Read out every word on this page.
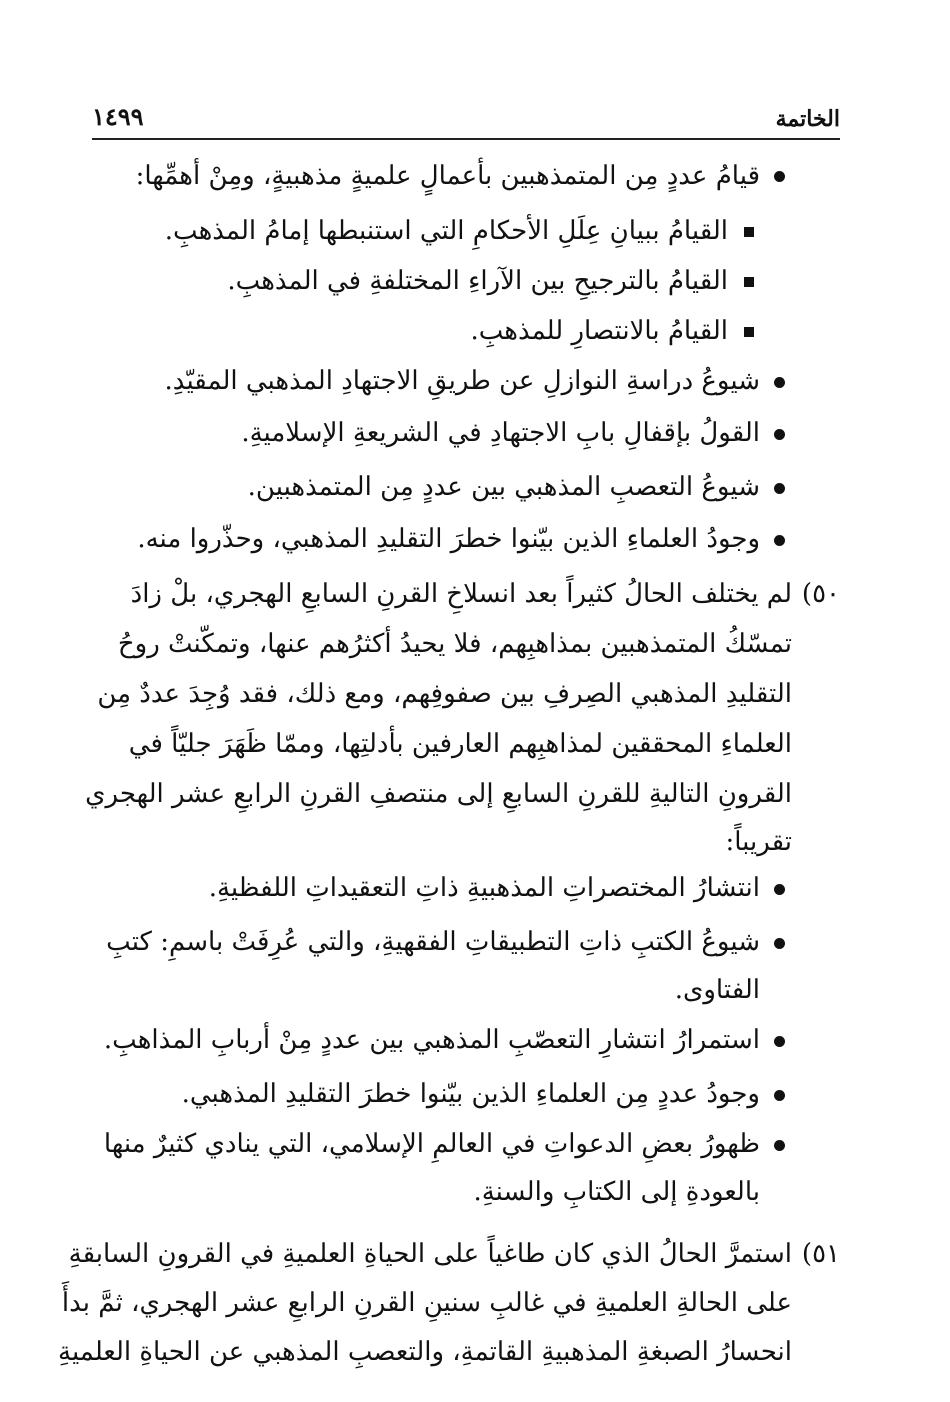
الخاتمة
١٤٩٩
قيامُ عددٍ مِن المتمذهبين بأعمالٍ علميةٍ مذهبيةٍ، ومِنْ أهمِّها:
القيامُ ببيانِ عِلَلِ الأحكامِ التي استنبطها إمامُ المذهبِ.
القيامُ بالترجيحِ بين الآراءِ المختلفةِ في المذهبِ.
القيامُ بالانتصارِ للمذهبِ.
شيوعُ دراسةِ النوازلِ عن طريقِ الاجتهادِ المذهبي المقيّدِ.
القولُ بإقفالِ بابِ الاجتهادِ في الشريعةِ الإسلاميةِ.
شيوعُ التعصبِ المذهبي بين عددٍ مِن المتمذهبين.
وجودُ العلماءِ الذين بيّنوا خطرَ التقليدِ المذهبي، وحذّروا منه.
٥٠)
لم يختلف الحالُ كثيراً بعد انسلاخِ القرنِ السابعِ الهجري، بلْ زادَ
تمسّكُ المتمذهبين بمذاهبِهم، فلا يحيدُ أكثرُهم عنها، وتمكّنتْ روحُ
التقليدِ المذهبي الصِرفِ بين صفوفِهم، ومع ذلك، فقد وُجِدَ عددٌ مِن
العلماءِ المحققين لمذاهبِهم العارفين بأدلتِها، وممّا ظَهَرَ جليّاً في
القرونِ التاليةِ للقرنِ السابعِ إلى منتصفِ القرنِ الرابعِ عشر الهجري
تقريباً:
انتشارُ المختصراتِ المذهبيةِ ذاتِ التعقيداتِ اللفظيةِ.
شيوعُ الكتبِ ذاتِ التطبيقاتِ الفقهيةِ، والتي عُرِفَتْ باسمِ: كتبِ
الفتاوى.
استمرارُ انتشارِ التعصّبِ المذهبي بين عددٍ مِنْ أربابِ المذاهبِ.
وجودُ عددٍ مِن العلماءِ الذين بيّنوا خطرَ التقليدِ المذهبي.
ظهورُ بعضِ الدعواتِ في العالمِ الإسلامي، التي ينادي كثيرٌ منها
بالعودةِ إلى الكتابِ والسنةِ.
٥١)
استمرَّ الحالُ الذي كان طاغياً على الحياةِ العلميةِ في القرونِ السابقةِ
على الحالةِ العلميةِ في غالبِ سنينِ القرنِ الرابعِ عشر الهجري، ثمَّ بدأَ
انحسارُ الصبغةِ المذهبيةِ القاتمةِ، والتعصبِ المذهبي عن الحياةِ العلميةِ
